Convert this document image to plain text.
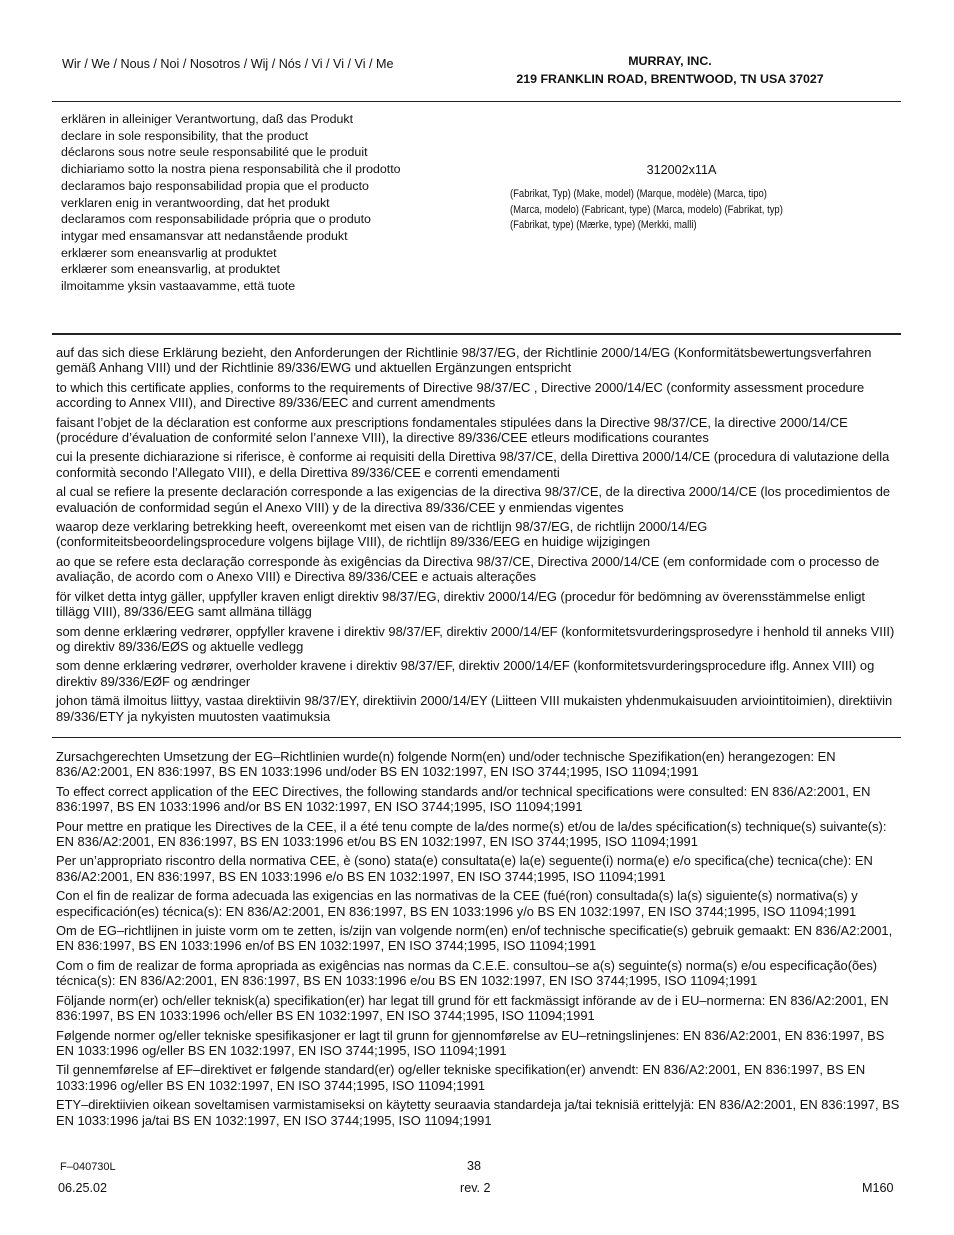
Wir / We / Nous / Noi / Nosotros / Wij / Nós / Vi / Vi / Vi / Me	MURRAY, INC.
219 FRANKLIN ROAD, BRENTWOOD, TN USA 37027
erklären in alleiniger Verantwortung, daß das Produkt
declare in sole responsibility, that the product
déclarons sous notre seule responsabilité que le produit
dichiariamo sotto la nostra piena responsabilità che il prodotto
declaramos bajo responsabilidad propia que el producto
verklaren enig in verantwoording, dat het produkt
declaramos com responsabilidade própria que o produto
intygar med ensamansvar att nedanstående produkt
erklærer som eneansvarlig at produktet
erklærer som eneansvarlig, at produktet
ilmoitamme yksin vastaavamme, että tuote
312002x11A
(Fabrikat, Typ) (Make, model) (Marque, modèle) (Marca, tipo)
(Marca, modelo) (Fabricant, type) (Marca, modelo) (Fabrikat, typ)
(Fabrikat, type) (Mærke, type) (Merkki, malli)

auf das sich diese Erklärung bezieht, den Anforderungen der Richtlinie 98/37/EG, der Richtlinie 2000/14/EG (Konformitätsbewertungsverfahren gemäß Anhang VIII) und der Richtlinie 89/336/EWG und aktuellen Ergänzungen entspricht

to which this certificate applies, conforms to the requirements of Directive 98/37/EC , Directive 2000/14/EC (conformity assessment procedure according to Annex VIII), and Directive 89/336/EEC and current amendments

faisant l’objet de la déclaration est conforme aux prescriptions fondamentales stipulées dans la Directive 98/37/CE, la directive 2000/14/CE (procédure d’évaluation de conformité selon l’annexe VIII), la directive 89/336/CEE etleurs modifications courantes

cui la presente dichiarazione si riferisce, è conforme ai requisiti della Direttiva 98/37/CE, della Direttiva 2000/14/CE (procedura di valutazione della conformità secondo l’Allegato VIII), e della Direttiva 89/336/CEE e correnti emendamenti

al cual se refiere la presente declaración corresponde a las exigencias de la directiva 98/37/CE, de la directiva 2000/14/CE (los procedimientos de evaluación de conformidad según el Anexo VIII) y de la directiva 89/336/CEE y enmiendas vigentes

waarop deze verklaring betrekking heeft, overeenkomt met eisen van de richtlijn 98/37/EG, de richtlijn 2000/14/EG (conformiteitsbeoordelingsprocedure volgens bijlage VIII), de richtlijn 89/336/EEG en huidige wijzigingen

ao que se refere esta declaração corresponde às exigências da Directiva 98/37/CE, Directiva 2000/14/CE (em conformidade com o processo de avaliação, de acordo com o Anexo VIII) e Directiva 89/336/CEE e actuais alterações

för vilket detta intyg gäller, uppfyller kraven enligt direktiv 98/37/EG, direktiv 2000/14/EG (procedur för bedömning av överensstämmelse enligt tillägg VIII), 89/336/EEG samt allmäna tillägg

som denne erklæring vedrører, oppfyller kravene i direktiv 98/37/EF, direktiv 2000/14/EF (konformitetsvurderingsprosedyre i henhold til anneks VIII) og direktiv 89/336/EØS og aktuelle vedlegg

som denne erklæring vedrører, overholder kravene i direktiv 98/37/EF, direktiv 2000/14/EF (konformitetsvurderingsprocedure iflg. Annex VIII) og direktiv 89/336/EØF og ændringer

johon tämä ilmoitus liittyy, vastaa direktiivin 98/37/EY, direktiivin 2000/14/EY (Liitteen VIII mukaisten yhdenmukaisuuden arviointitoimien), direktiivin 89/336/ETY ja nykyisten muutosten vaatimuksia

Zursachgerechten Umsetzung der EG–Richtlinien wurde(n) folgende Norm(en) und/oder technische Spezifikation(en) herangezogen: EN 836/A2:2001, EN 836:1997, BS EN 1033:1996 und/oder BS EN 1032:1997, EN ISO 3744;1995, ISO 11094;1991

To effect correct application of the EEC Directives, the following standards and/or technical specifications were consulted: EN 836/A2:2001, EN 836:1997, BS EN 1033:1996 and/or BS EN 1032:1997, EN ISO 3744;1995, ISO 11094;1991

Pour mettre en pratique les Directives de la CEE, il a été tenu compte de la/des norme(s) et/ou de la/des spécification(s) technique(s) suivante(s): EN 836/A2:2001, EN 836:1997, BS EN 1033:1996 et/ou BS EN 1032:1997, EN ISO 3744;1995, ISO 11094;1991

Per un’appropriato riscontro della normativa CEE, è (sono) stata(e) consultata(e) la(e) seguente(i) norma(e) e/o specifica(che) tecnica(che): EN 836/A2:2001, EN 836:1997, BS EN 1033:1996 e/o BS EN 1032:1997, EN ISO 3744;1995, ISO 11094;1991

Con el fin de realizar de forma adecuada las exigencias en las normativas de la CEE (fué(ron) consultada(s) la(s) siguiente(s) normativa(s) y especificación(es) técnica(s): EN 836/A2:2001, EN 836:1997, BS EN 1033:1996 y/o BS EN 1032:1997, EN ISO 3744;1995, ISO 11094;1991

Om de EG–richtlijnen in juiste vorm om te zetten, is/zijn van volgende norm(en) en/of technische specificatie(s) gebruik gemaakt: EN 836/A2:2001, EN 836:1997, BS EN 1033:1996 en/of BS EN 1032:1997, EN ISO 3744;1995, ISO 11094;1991

Com o fim de realizar de forma apropriada as exigências nas normas da C.E.E. consultou–se a(s) seguinte(s) norma(s) e/ou especificação(ões) técnica(s): EN 836/A2:2001, EN 836:1997, BS EN 1033:1996 e/ou BS EN 1032:1997, EN ISO 3744;1995, ISO 11094;1991

Följande norm(er) och/eller teknisk(a) specifikation(er) har legat till grund för ett fackmässigt införande av de i EU–normerna: EN 836/A2:2001, EN 836:1997, BS EN 1033:1996 och/eller BS EN 1032:1997, EN ISO 3744;1995, ISO 11094;1991

Følgende normer og/eller tekniske spesifikasjoner er lagt til grunn for gjennomførelse av EU–retningslinjenes: EN 836/A2:2001, EN 836:1997, BS EN 1033:1996 og/eller BS EN 1032:1997, EN ISO 3744;1995, ISO 11094;1991

Til gennemførelse af EF–direktivet er følgende standard(er) og/eller tekniske specifikation(er) anvendt: EN 836/A2:2001, EN 836:1997, BS EN 1033:1996 og/eller BS EN 1032:1997, EN ISO 3744;1995, ISO 11094;1991

ETY–direktiivien oikean soveltamisen varmistamiseksi on käytetty seuraavia standardeja ja/tai teknisiä erittelyjä: EN 836/A2:2001, EN 836:1997, BS EN 1033:1996 ja/tai BS EN 1032:1997, EN ISO 3744;1995, ISO 11094;1991

F–040730L	38
06.25.02	rev. 2	M160
